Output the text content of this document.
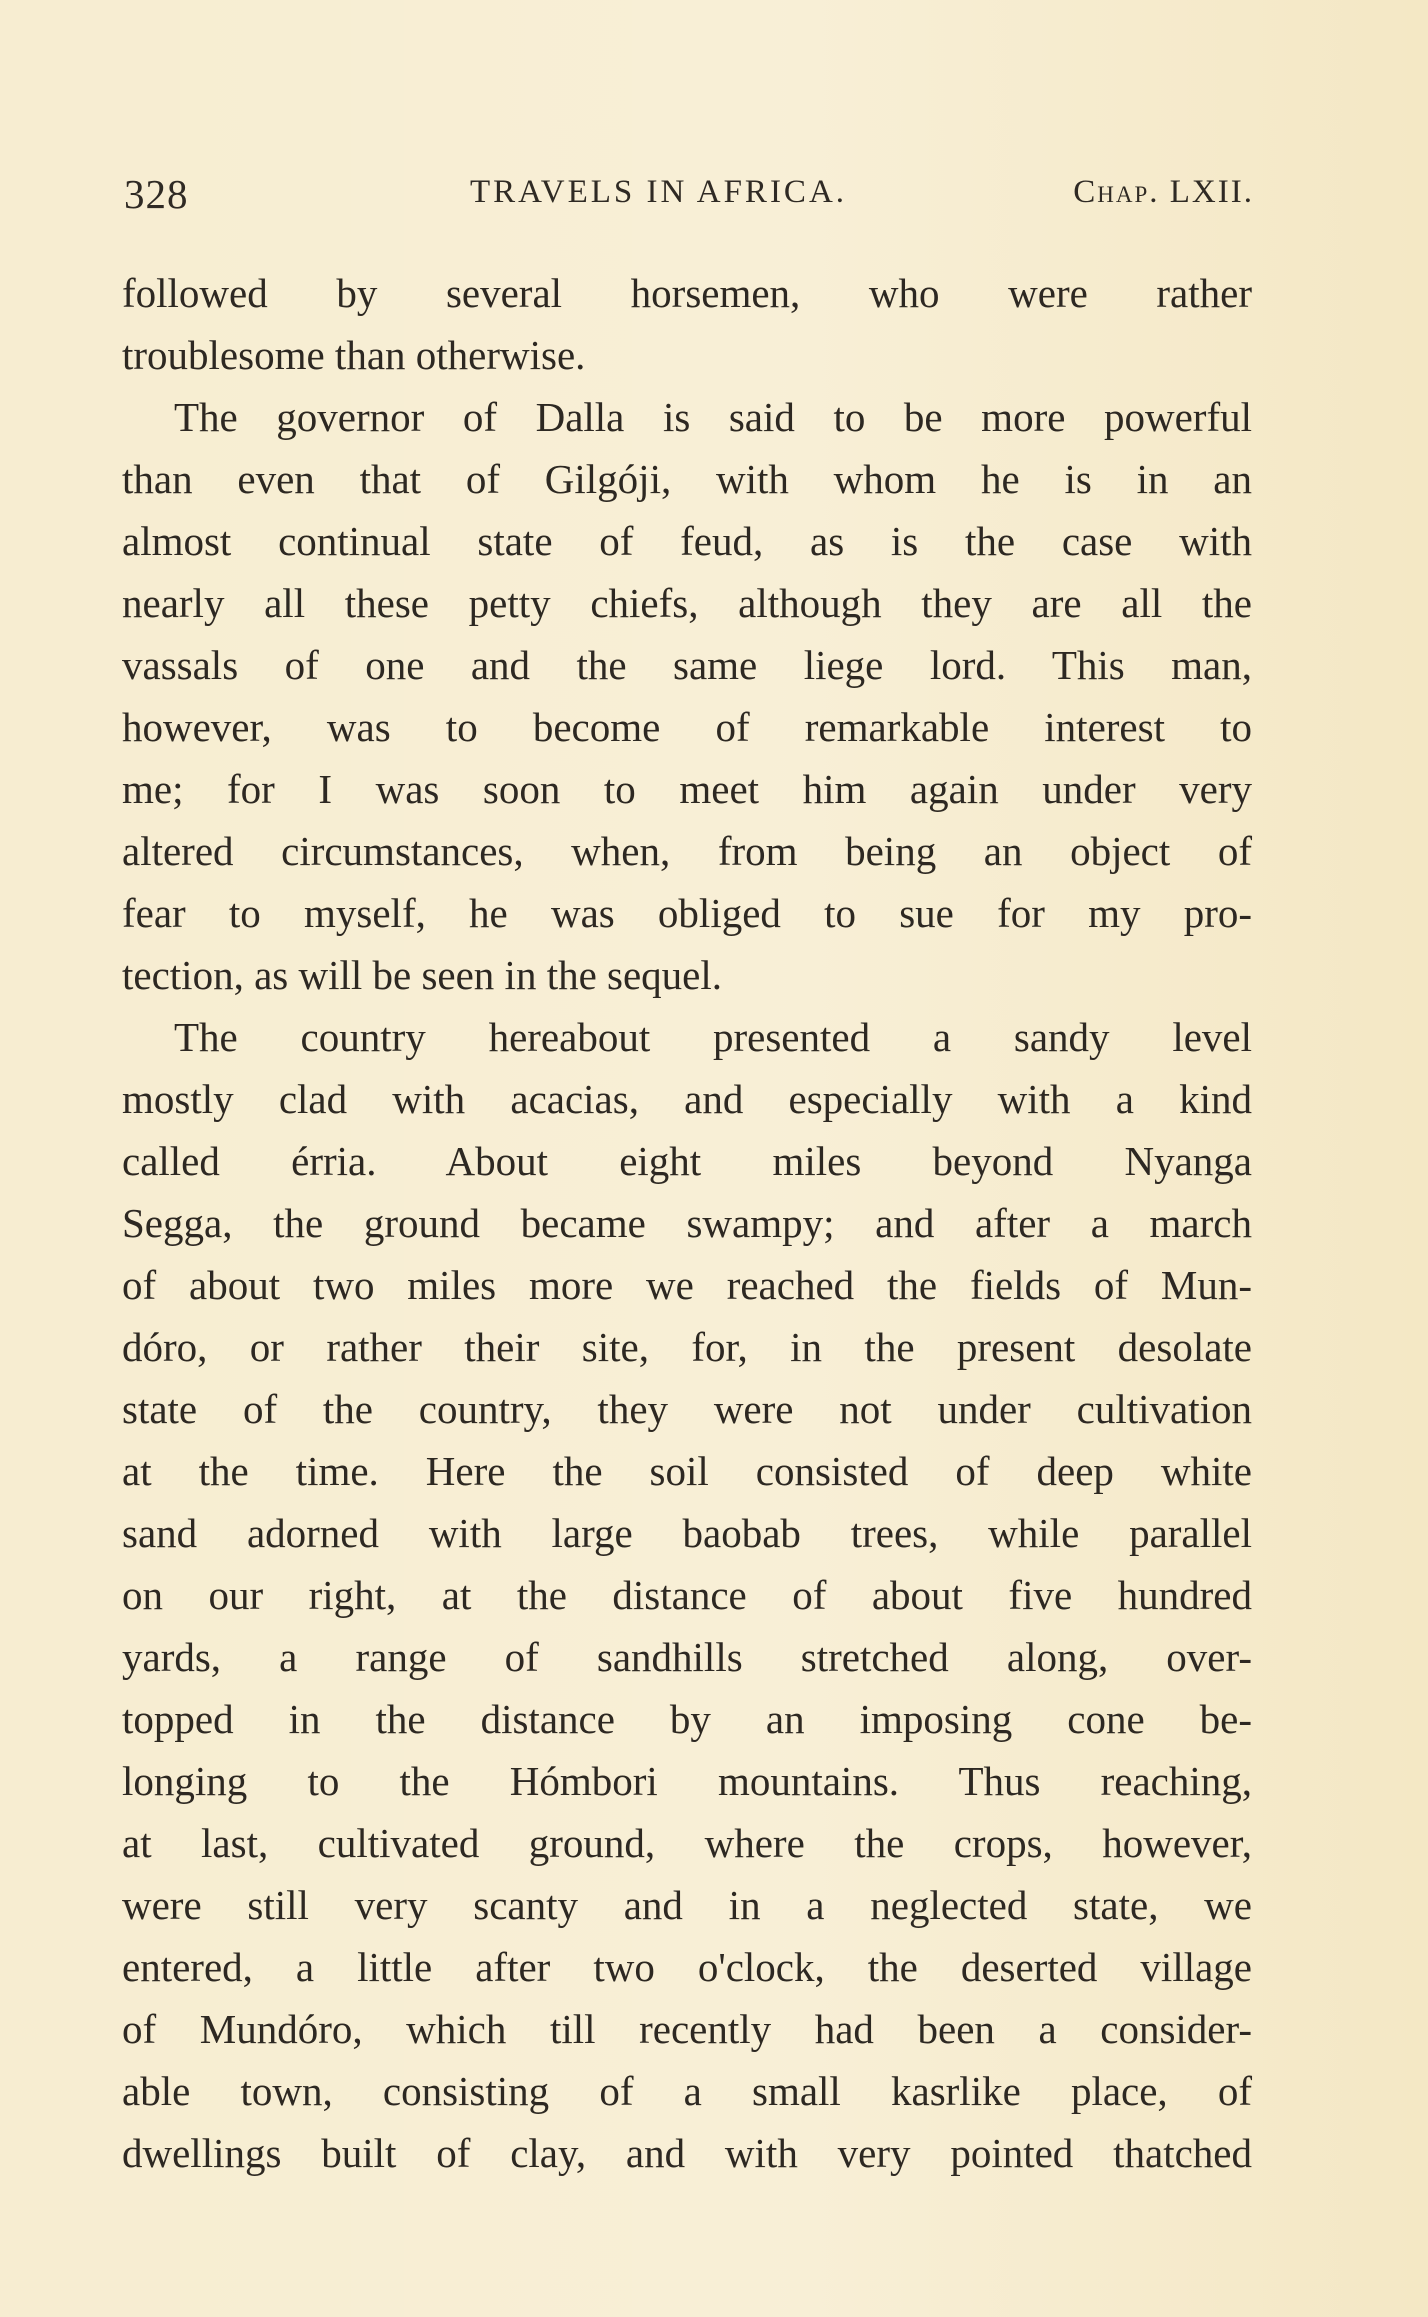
328	TRAVELS IN AFRICA.	Chap. LXII.
followed by several horsemen, who were rather
troublesome than otherwise.
The governor of Dalla is said to be more powerful
than even that of Gilgóji, with whom he is in an
almost continual state of feud, as is the case with
nearly all these petty chiefs, although they are all the
vassals of one and the same liege lord. This man,
however, was to become of remarkable interest to
me; for I was soon to meet him again under very
altered circumstances, when, from being an object of
fear to myself, he was obliged to sue for my pro-
tection, as will be seen in the sequel.
The country hereabout presented a sandy level
mostly clad with acacias, and especially with a kind
called érria. About eight miles beyond Nyanga
Segga, the ground became swampy; and after a march
of about two miles more we reached the fields of Mun-
dóro, or rather their site, for, in the present desolate
state of the country, they were not under cultivation
at the time. Here the soil consisted of deep white
sand adorned with large baobab trees, while parallel
on our right, at the distance of about five hundred
yards, a range of sandhills stretched along, over-
topped in the distance by an imposing cone be-
longing to the Hómbori mountains. Thus reaching,
at last, cultivated ground, where the crops, however,
were still very scanty and in a neglected state, we
entered, a little after two o'clock, the deserted village
of Mundóro, which till recently had been a consider-
able town, consisting of a small kasrlike place, of
dwellings built of clay, and with very pointed thatched
